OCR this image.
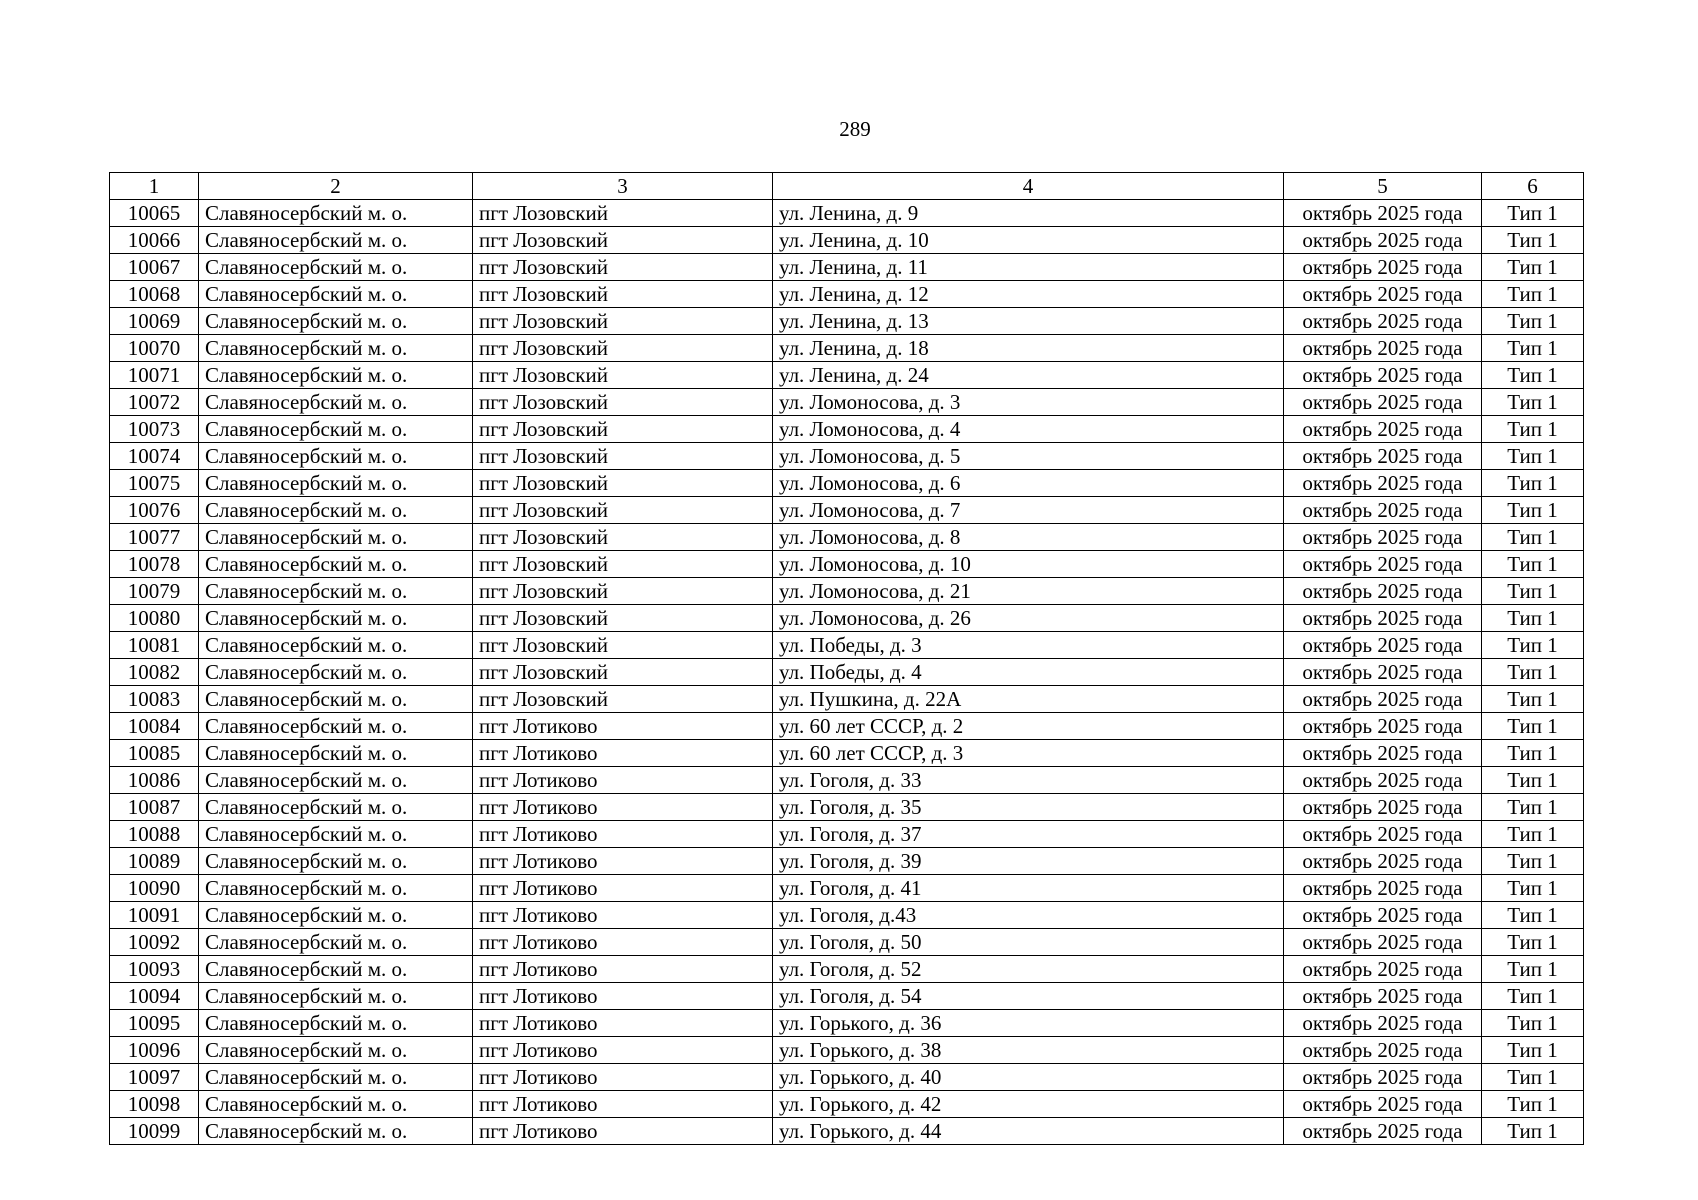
289
1	2	3	4	5	6
10065	Славяносербский м. о.	пгт Лозовский	ул. Ленина, д. 9	октябрь 2025 года	Тип 1
10066	Славяносербский м. о.	пгт Лозовский	ул. Ленина, д. 10	октябрь 2025 года	Тип 1
10067	Славяносербский м. о.	пгт Лозовский	ул. Ленина, д. 11	октябрь 2025 года	Тип 1
10068	Славяносербский м. о.	пгт Лозовский	ул. Ленина, д. 12	октябрь 2025 года	Тип 1
10069	Славяносербский м. о.	пгт Лозовский	ул. Ленина, д. 13	октябрь 2025 года	Тип 1
10070	Славяносербский м. о.	пгт Лозовский	ул. Ленина, д. 18	октябрь 2025 года	Тип 1
10071	Славяносербский м. о.	пгт Лозовский	ул. Ленина, д. 24	октябрь 2025 года	Тип 1
10072	Славяносербский м. о.	пгт Лозовский	ул. Ломоносова, д. 3	октябрь 2025 года	Тип 1
10073	Славяносербский м. о.	пгт Лозовский	ул. Ломоносова, д. 4	октябрь 2025 года	Тип 1
10074	Славяносербский м. о.	пгт Лозовский	ул. Ломоносова, д. 5	октябрь 2025 года	Тип 1
10075	Славяносербский м. о.	пгт Лозовский	ул. Ломоносова, д. 6	октябрь 2025 года	Тип 1
10076	Славяносербский м. о.	пгт Лозовский	ул. Ломоносова, д. 7	октябрь 2025 года	Тип 1
10077	Славяносербский м. о.	пгт Лозовский	ул. Ломоносова, д. 8	октябрь 2025 года	Тип 1
10078	Славяносербский м. о.	пгт Лозовский	ул. Ломоносова, д. 10	октябрь 2025 года	Тип 1
10079	Славяносербский м. о.	пгт Лозовский	ул. Ломоносова, д. 21	октябрь 2025 года	Тип 1
10080	Славяносербский м. о.	пгт Лозовский	ул. Ломоносова, д. 26	октябрь 2025 года	Тип 1
10081	Славяносербский м. о.	пгт Лозовский	ул. Победы, д. 3	октябрь 2025 года	Тип 1
10082	Славяносербский м. о.	пгт Лозовский	ул. Победы, д. 4	октябрь 2025 года	Тип 1
10083	Славяносербский м. о.	пгт Лозовский	ул. Пушкина, д. 22А	октябрь 2025 года	Тип 1
10084	Славяносербский м. о.	пгт Лотиково	ул. 60 лет СССР, д. 2	октябрь 2025 года	Тип 1
10085	Славяносербский м. о.	пгт Лотиково	ул. 60 лет СССР, д. 3	октябрь 2025 года	Тип 1
10086	Славяносербский м. о.	пгт Лотиково	ул. Гоголя, д. 33	октябрь 2025 года	Тип 1
10087	Славяносербский м. о.	пгт Лотиково	ул. Гоголя, д. 35	октябрь 2025 года	Тип 1
10088	Славяносербский м. о.	пгт Лотиково	ул. Гоголя, д. 37	октябрь 2025 года	Тип 1
10089	Славяносербский м. о.	пгт Лотиково	ул. Гоголя, д. 39	октябрь 2025 года	Тип 1
10090	Славяносербский м. о.	пгт Лотиково	ул. Гоголя, д. 41	октябрь 2025 года	Тип 1
10091	Славяносербский м. о.	пгт Лотиково	ул. Гоголя, д.43	октябрь 2025 года	Тип 1
10092	Славяносербский м. о.	пгт Лотиково	ул. Гоголя, д. 50	октябрь 2025 года	Тип 1
10093	Славяносербский м. о.	пгт Лотиково	ул. Гоголя, д. 52	октябрь 2025 года	Тип 1
10094	Славяносербский м. о.	пгт Лотиково	ул. Гоголя, д. 54	октябрь 2025 года	Тип 1
10095	Славяносербский м. о.	пгт Лотиково	ул. Горького, д. 36	октябрь 2025 года	Тип 1
10096	Славяносербский м. о.	пгт Лотиково	ул. Горького, д. 38	октябрь 2025 года	Тип 1
10097	Славяносербский м. о.	пгт Лотиково	ул. Горького, д. 40	октябрь 2025 года	Тип 1
10098	Славяносербский м. о.	пгт Лотиково	ул. Горького, д. 42	октябрь 2025 года	Тип 1
10099	Славяносербский м. о.	пгт Лотиково	ул. Горького, д. 44	октябрь 2025 года	Тип 1
